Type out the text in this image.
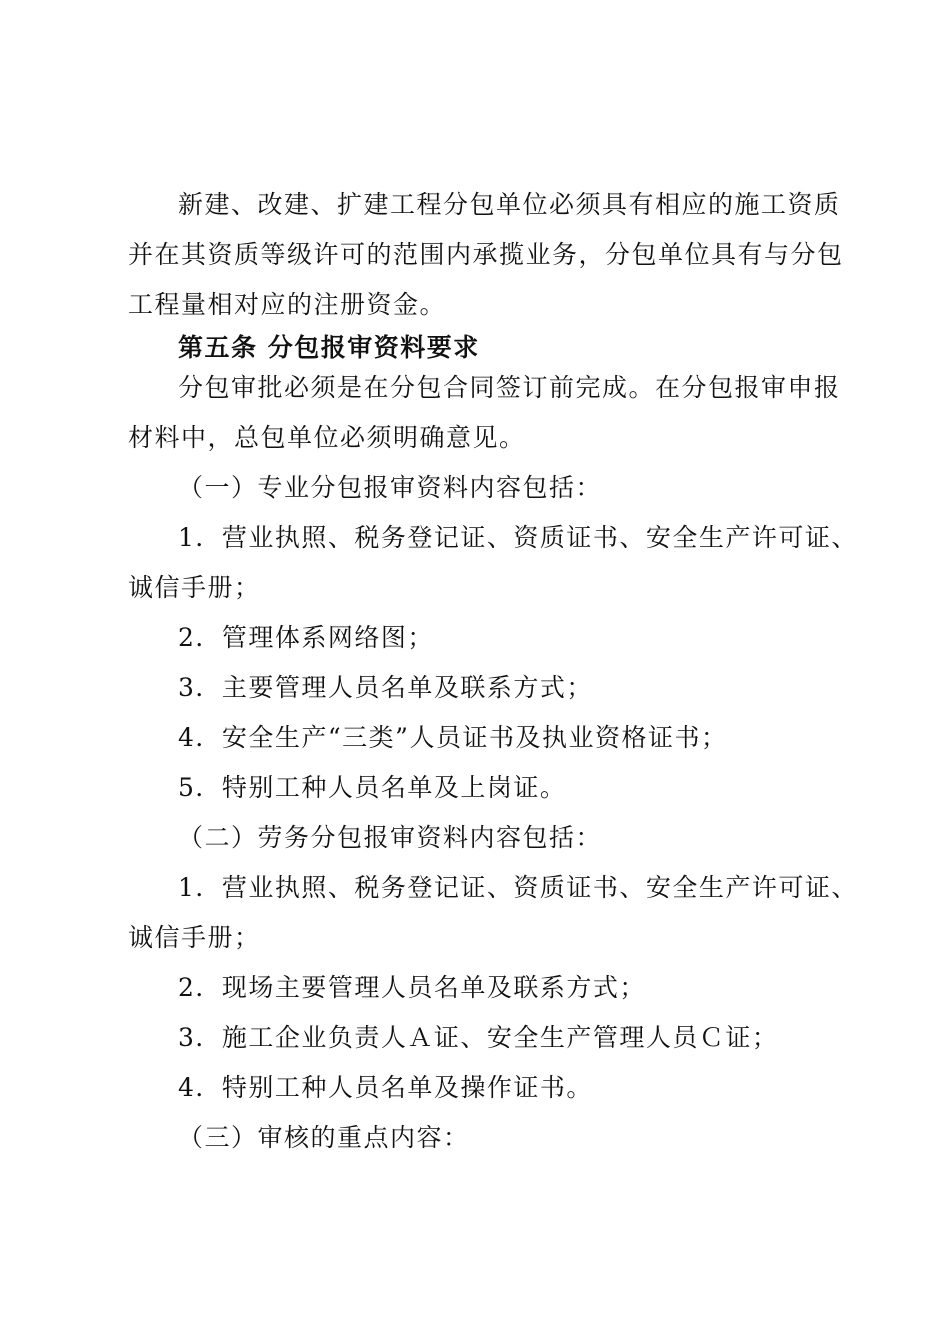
新建、改建、扩建工程分包单位必须具有相应的施工资质
并在其资质等级许可的范围内承揽业务，分包单位具有与分包
工程量相对应的注册资金。
第五条 分包报审资料要求
分包审批必须是在分包合同签订前完成。在分包报审申报
材料中，总包单位必须明确意见。
（一）专业分包报审资料内容包括：
1．营业执照、税务登记证、资质证书、安全生产许可证、
诚信手册；
2．管理体系网络图；
3．主要管理人员名单及联系方式；
4．安全生产“三类”人员证书及执业资格证书；
5．特别工种人员名单及上岗证。
（二）劳务分包报审资料内容包括：
1．营业执照、税务登记证、资质证书、安全生产许可证、
诚信手册；
2．现场主要管理人员名单及联系方式；
3．施工企业负责人Ａ证、安全生产管理人员Ｃ证；
4．特别工种人员名单及操作证书。
（三）审核的重点内容：
